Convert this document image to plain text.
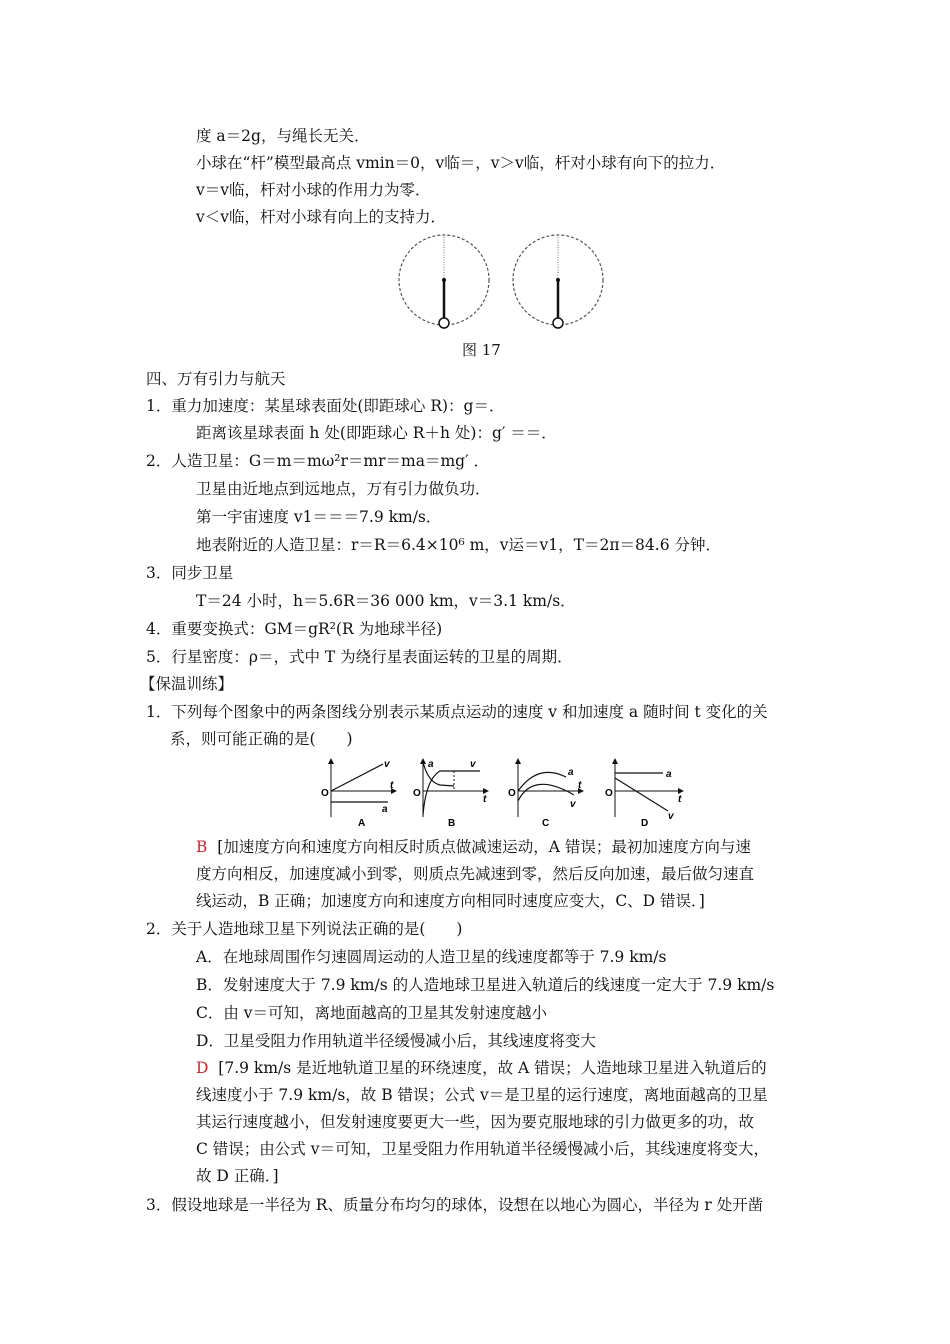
度 a＝2g，与绳长无关．
小球在“杆”模型最高点 vmin＝0，v临＝，v＞v临，杆对小球有向下的拉力．
v＝v临，杆对小球的作用力为零．
v＜v临，杆对小球有向上的支持力．
图 17
四、万有引力与航天
1．重力加速度：某星球表面处(即距球心 R)：g＝．
距离该星球表面 h 处(即距球心 R＋h 处)：g′ ＝＝．
2．人造卫星：G＝m＝mω²r＝mr＝ma＝mg′ ．
卫星由近地点到远地点，万有引力做负功．
第一宇宙速度 v1＝＝＝7.9 km/s．
地表附近的人造卫星：r＝R＝6.4×10⁶ m，v运＝v1，T＝2π＝84.6 分钟．
3．同步卫星
T＝24 小时，h＝5.6R＝36 000 km，v＝3.1 km/s．
4．重要变换式：GM＝gR²(R 为地球半径)
5．行星密度：ρ＝，式中 T 为绕行星表面运转的卫星的周期．
【保温训练】
1．下列每个图象中的两条图线分别表示某质点运动的速度 v 和加速度 a 随时间 t 变化的关
系，则可能正确的是(　　)
O
v
t
a
A
O
a	v
t
B
O
a
t
v
C
O
a
t
v
D
B [加速度方向和速度方向相反时质点做减速运动，A 错误；最初加速度方向与速
度方向相反，加速度减小到零，则质点先减速到零，然后反向加速，最后做匀速直
线运动，B 正确；加速度方向和速度方向相同时速度应变大，C、D 错误．]
2．关于人造地球卫星下列说法正确的是(　　)
A．在地球周围作匀速圆周运动的人造卫星的线速度都等于 7.9 km/s
B．发射速度大于 7.9 km/s 的人造地球卫星进入轨道后的线速度一定大于 7.9 km/s
C．由 v＝可知，离地面越高的卫星其发射速度越小
D．卫星受阻力作用轨道半径缓慢减小后，其线速度将变大
D [7.9 km/s 是近地轨道卫星的环绕速度，故 A 错误；人造地球卫星进入轨道后的
线速度小于 7.9 km/s，故 B 错误；公式 v＝是卫星的运行速度，离地面越高的卫星
其运行速度越小，但发射速度要更大一些，因为要克服地球的引力做更多的功，故
C 错误；由公式 v＝可知，卫星受阻力作用轨道半径缓慢减小后，其线速度将变大，
故 D 正确．]
3．假设地球是一半径为 R、质量分布均匀的球体，设想在以地心为圆心，半径为 r 处开凿
